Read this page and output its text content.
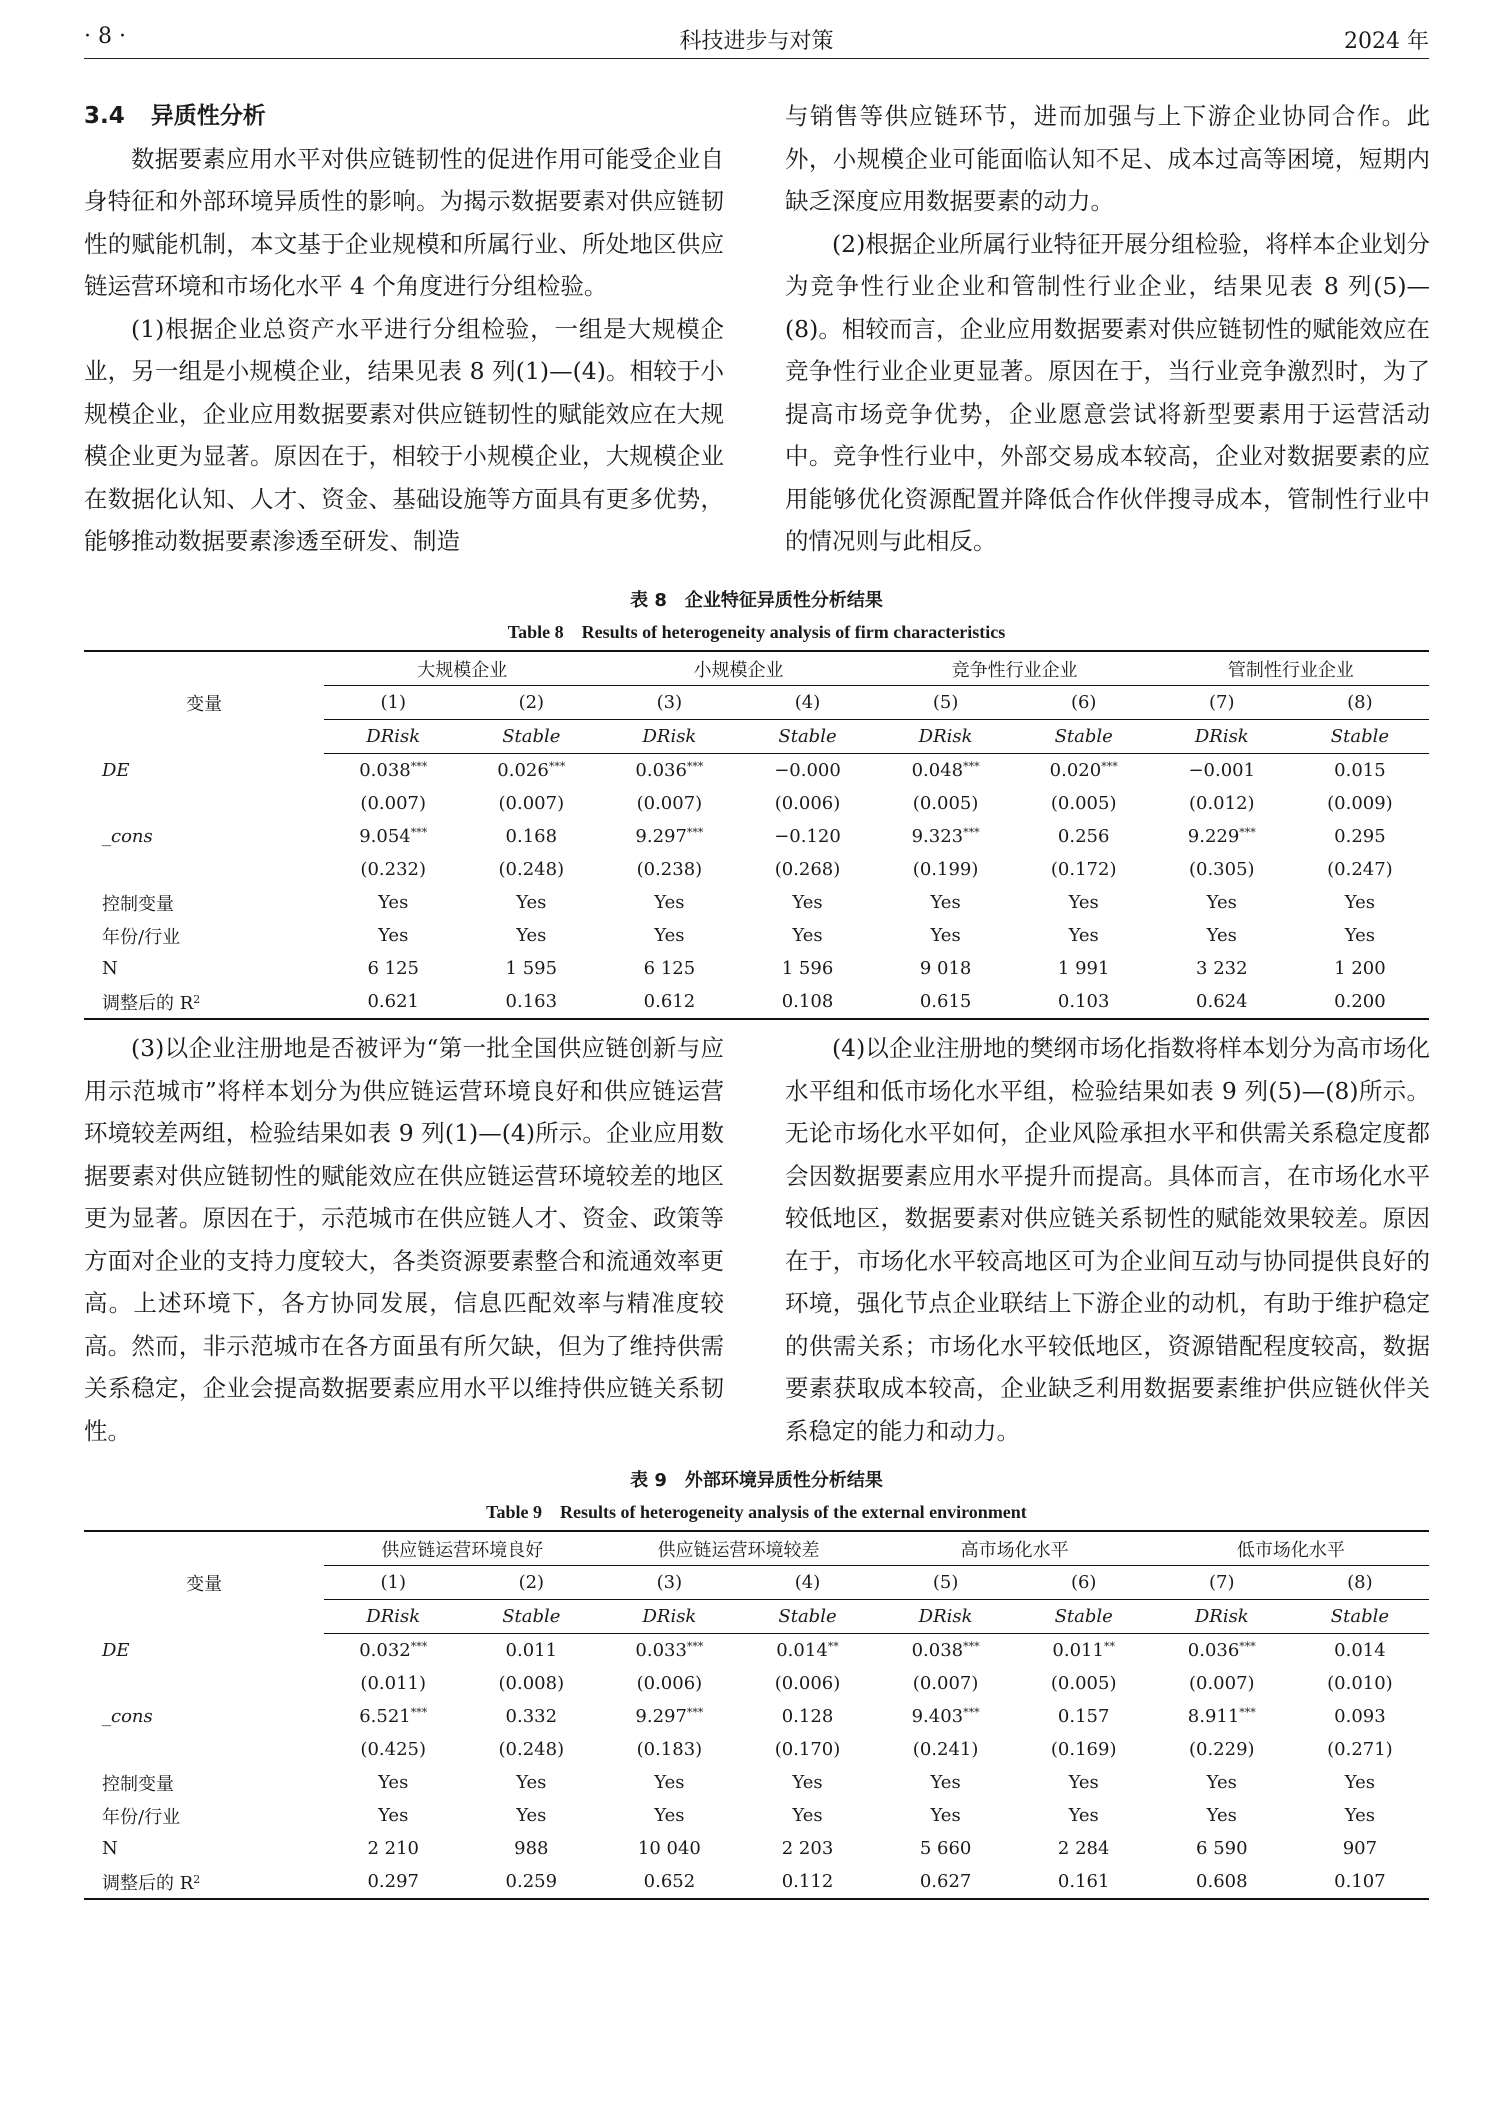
· 8 ·	科技进步与对策	2024 年

3.4 异质性分析

数据要素应用水平对供应链韧性的促进作用可能受企业自身特征和外部环境异质性的影响。为揭示数据要素对供应链韧性的赋能机制，本文基于企业规模和所属行业、所处地区供应链运营环境和市场化水平 4 个角度进行分组检验。

(1)根据企业总资产水平进行分组检验，一组是大规模企业，另一组是小规模企业，结果见表 8 列(1)—(4)。相较于小规模企业，企业应用数据要素对供应链韧性的赋能效应在大规模企业更为显著。原因在于，相较于小规模企业，大规模企业在数据化认知、人才、资金、基础设施等方面具有更多优势，能够推动数据要素渗透至研发、制造

与销售等供应链环节，进而加强与上下游企业协同合作。此外，小规模企业可能面临认知不足、成本过高等困境，短期内缺乏深度应用数据要素的动力。

(2)根据企业所属行业特征开展分组检验，将样本企业划分为竞争性行业企业和管制性行业企业，结果见表 8 列(5)—(8)。相较而言，企业应用数据要素对供应链韧性的赋能效应在竞争性行业企业更显著。原因在于，当行业竞争激烈时，为了提高市场竞争优势，企业愿意尝试将新型要素用于运营活动中。竞争性行业中，外部交易成本较高，企业对数据要素的应用能够优化资源配置并降低合作伙伴搜寻成本，管制性行业中的情况则与此相反。

表 8　企业特征异质性分析结果
Table 8　Results of heterogeneity analysis of firm characteristics
变量	大规模企业		小规模企业		竞争性行业企业		管制性行业企业	
	(1)	(2)	(3)	(4)	(5)	(6)	(7)	(8)
	DRisk	Stable	DRisk	Stable	DRisk	Stable	DRisk	Stable
DE	0.038***	0.026***	0.036***	−0.000	0.048***	0.020***	−0.001	0.015
	(0.007)	(0.007)	(0.007)	(0.006)	(0.005)	(0.005)	(0.012)	(0.009)
_cons	9.054***	0.168	9.297***	−0.120	9.323***	0.256	9.229***	0.295
	(0.232)	(0.248)	(0.238)	(0.268)	(0.199)	(0.172)	(0.305)	(0.247)
控制变量	Yes	Yes	Yes	Yes	Yes	Yes	Yes	Yes
年份/行业	Yes	Yes	Yes	Yes	Yes	Yes	Yes	Yes
N	6 125	1 595	6 125	1 596	9 018	1 991	3 232	1 200
调整后的 $R^2$	0.621	0.163	0.612	0.108	0.615	0.103	0.624	0.200

(3)以企业注册地是否被评为“第一批全国供应链创新与应用示范城市”将样本划分为供应链运营环境良好和供应链运营环境较差两组，检验结果如表 9 列(1)—(4)所示。企业应用数据要素对供应链韧性的赋能效应在供应链运营环境较差的地区更为显著。原因在于，示范城市在供应链人才、资金、政策等方面对企业的支持力度较大，各类资源要素整合和流通效率更高。上述环境下，各方协同发展，信息匹配效率与精准度较高。然而，非示范城市在各方面虽有所欠缺，但为了维持供需关系稳定，企业会提高数据要素应用水平以维持供应链关系韧性。

(4)以企业注册地的樊纲市场化指数将样本划分为高市场化水平组和低市场化水平组，检验结果如表 9 列(5)—(8)所示。无论市场化水平如何，企业风险承担水平和供需关系稳定度都会因数据要素应用水平提升而提高。具体而言，在市场化水平较低地区，数据要素对供应链关系韧性的赋能效果较差。原因在于，市场化水平较高地区可为企业间互动与协同提供良好的环境，强化节点企业联结上下游企业的动机，有助于维护稳定的供需关系；市场化水平较低地区，资源错配程度较高，数据要素获取成本较高，企业缺乏利用数据要素维护供应链伙伴关系稳定的能力和动力。

表 9　外部环境异质性分析结果
Table 9　Results of heterogeneity analysis of the external environment
变量	供应链运营环境良好		供应链运营环境较差		高市场化水平		低市场化水平	
	(1)	(2)	(3)	(4)	(5)	(6)	(7)	(8)
	DRisk	Stable	DRisk	Stable	DRisk	Stable	DRisk	Stable
DE	0.032***	0.011	0.033***	0.014**	0.038***	0.011**	0.036***	0.014
	(0.011)	(0.008)	(0.006)	(0.006)	(0.007)	(0.005)	(0.007)	(0.010)
_cons	6.521***	0.332	9.297***	0.128	9.403***	0.157	8.911***	0.093
	(0.425)	(0.248)	(0.183)	(0.170)	(0.241)	(0.169)	(0.229)	(0.271)
控制变量	Yes	Yes	Yes	Yes	Yes	Yes	Yes	Yes
年份/行业	Yes	Yes	Yes	Yes	Yes	Yes	Yes	Yes
N	2 210	988	10 040	2 203	5 660	2 284	6 590	907
调整后的 $R^2$	0.297	0.259	0.652	0.112	0.627	0.161	0.608	0.107
